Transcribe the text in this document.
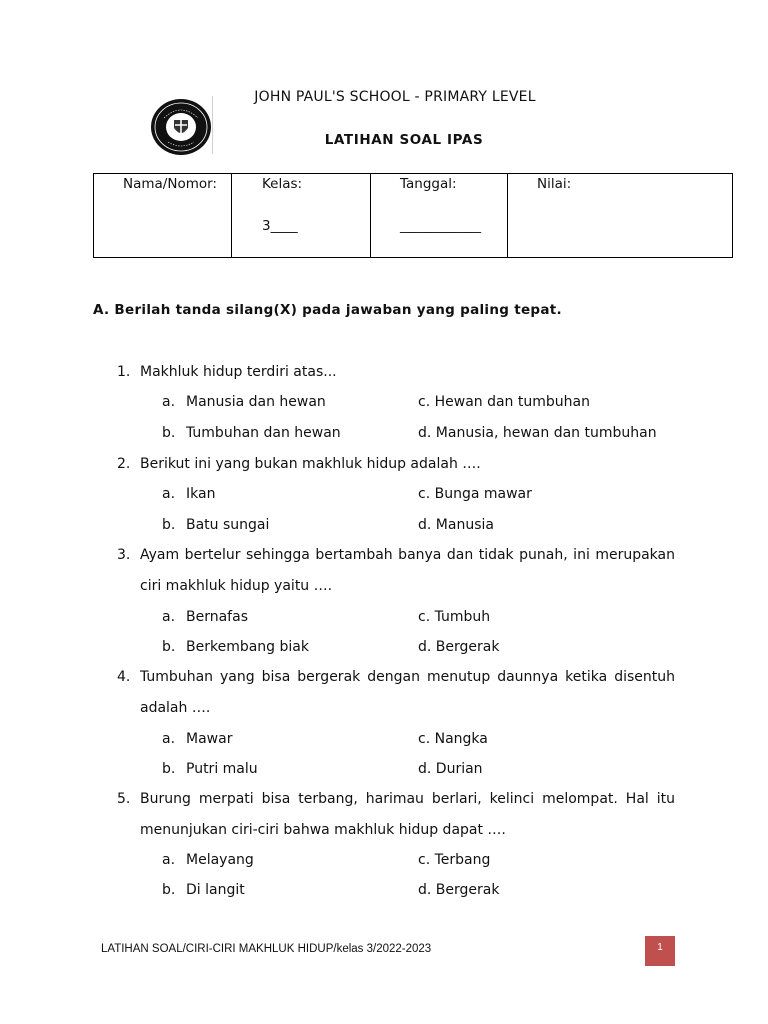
JOHN PAUL'S SCHOOL - PRIMARY LEVEL
LATIHAN SOAL IPAS
Nama/Nomor:	Kelas:
3____

Tanggal:
____________

Nilai:
A. Berilah tanda silang(X) pada jawaban yang paling tepat.
1. Makhluk hidup terdiri atas...
a. Manusia dan hewan
b. Tumbuhan dan hewan
c. Hewan dan tumbuhan
d. Manusia, hewan dan tumbuhan
2. Berikut ini yang bukan makhluk hidup adalah ….
a. Ikan
b. Batu sungai
c. Bunga mawar
d. Manusia
3. Ayam bertelur sehingga bertambah banya dan tidak punah, ini merupakan ciri makhluk hidup yaitu ….
a. Bernafas
b. Berkembang biak
c. Tumbuh
d. Bergerak
4. Tumbuhan yang bisa bergerak dengan menutup daunnya ketika disentuh adalah ….
a. Mawar
b. Putri malu
c. Nangka
d. Durian
5. Burung merpati bisa terbang, harimau berlari, kelinci melompat. Hal itu menunjukan ciri-ciri bahwa makhluk hidup dapat ….
a. Melayang
b. Di langit
c. Terbang
d. Bergerak
LATIHAN SOAL/CIRI-CIRI MAKHLUK HIDUP/kelas 3/2022-2023	1
